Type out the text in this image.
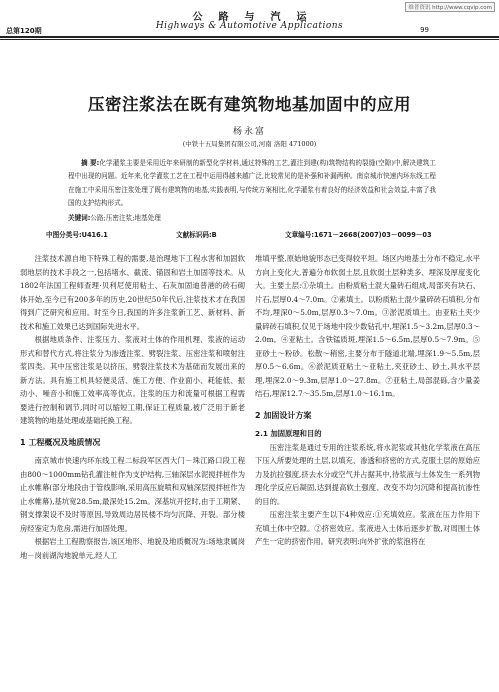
维普资讯 http://www.cqvip.com
公路与汽运
Highways & Automotive Applications
总第120期	99
压密注浆法在既有建筑物地基加固中的应用
杨永富
(中铁十五局集团有限公司,河南 洛阳 471000)
摘 要:化学灌浆主要是采用近年来研制的新型化学材料,通过特殊的工艺,灌注到建(构)筑物结构的裂缝(空隙)中,解决建筑工程中出现的问题。近年来,化学灌浆工艺在工程中运用得越来越广泛,比较常见的是补强和补漏两种。南京城市快速内环东线工程在施工中采用压密注浆处理了既有建筑物的地基,实践表明,与传统方案相比,化学灌浆有着良好的经济效益和社会效益,丰富了我国的支护结构形式。
关键词:公路;压密注浆;地基处理
中图分类号:U416.1	文献标识码:B	文章编号:1671－2668(2007)03－0099－03

注浆技术源自地下特殊工程的需要,是治理地下工程水害和加固软弱地层的技术手段之一,包括堵水、截流、锚固和岩土加固等技术。从1802年法国工程师查理·贝利尼使用粘土、石灰加固迪普港的砖石砌体开始,至今已有200多年的历史,20世纪50年代后,注浆技术才在我国得到广泛研究和应用。时至今日,我国的许多注浆新工艺、新材料、新技术和施工效果已达到国际先进水平。

根据地质条件、注浆压力、浆液对土体的作用机理、浆液的运动形式和替代方式,将注浆分为渗透注浆、劈裂注浆、压密注浆和喷射注浆四类。其中压密注浆是以挤压、劈裂注浆技术为基础而发展出来的新方法。具有施工机具轻便灵活、施工方便、作业面小、耗能低、振动小、噪音小和施工效率高等优点。注浆的压力和流量可根据工程需要进行控制和调节,同时可以缩短工期,保证工程质量,被广泛用于新老建筑物的地基处理或基础托换工程。

1 工程概况及地质情况

南京城市快速内环东线工程二标段军区西大门－珠江路口段工程由800～1000mm钻孔灌注桩作为支护结构,三轴深层水泥搅拌桩作为止水帷幕(部分地段由于管线影响,采用高压旋喷和双轴深层搅拌桩作为止水帷幕),基坑宽28.5m,最深处15.2m。深基坑开挖时,由于工期紧、钢支撑架设不及时等原因,导致周边居民楼不均匀沉降、开裂。部分楼房经鉴定为危房,需进行加固处理。

根据岩土工程勘察报告,该区地形、地貌及地质概况为:场地隶属岗地－岗前湖沟地貌单元,经人工

堆填平整,原始地貌形态已变得较平坦。场区内地基土分布不稳定,水平方向上变化大,普遍分布软弱土层,且软弱土层种类多、埋深及厚度变化大。主要土层:①杂填土。由粉质粘土混大量砖石组成,局部夹有块石、片石,层厚0.4～7.0m。②素填土。以粉质粘土混少量碎砖石填积,分布不均,埋深0～5.0m,层厚0.3～7.0m。③淤泥质填土。由亚粘土夹少量碎砖石填积,仅见于场地中段少数钻孔中,埋深1.5～3.2m,层厚0.3～2.0m。④亚粘土。含铁锰质斑,埋深1.5～6.5m,层厚0.5～7.9m。⑤亚砂土～粉砂。松散～稍密,主要分布于隧道北端,埋深1.9～5.5m,层厚0.5～6.6m。⑥淤泥质亚粘土～亚粘土,夹亚砂土、砂土,具水平层理,埋深2.0～9.3m,层厚1.0～27.8m。⑦亚粘土,局部混砾,含少量姜结石,埋深12.7～35.5m,层厚1.0～16.1m。

2 加固设计方案
2.1 加固原理和目的

压密注浆是通过专用的注浆系统,将水泥浆或其他化学浆液在高压下压入所要处理的土层,以填充、渗透和挤密的方式,克服土层的原始应力及抗拉强度,挤去水分或空气并占据其中,待浆液与土体发生一系列物理化学反应后凝固,达到提高软土强度、改变不均匀沉降和提高抗渗性的目的。

压密注浆主要产生以下4种效应:①充填效应。浆液在压力作用下充填土体中空隙。②挤密效应。浆液进入土体后逐步扩散,对周围土体产生一定的挤密作用。研究表明:向外扩张的浆泡将在
